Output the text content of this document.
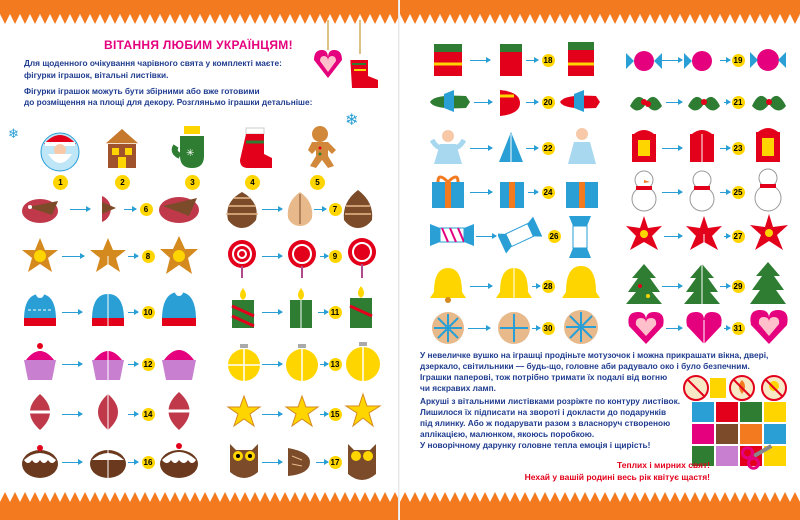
ВІТАННЯ ЛЮБИМ УКРАЇНЦЯМ!
Для щоденного очікування чарівного свята у комплекті маєте:
фігурки іграшок, вітальні листівки.
Фігурки іграшок можуть бути збірними або вже готовими
до розміщення на площі для декору. Розгляньмо іграшки детальніше:
❄
❄
✳
1	2	3	4	5
6	7
8	9
10	11
12	13
14	15
16	17
18
20
22
24
26
28
30
19
21
23
25
27
29
31
У невеличке вушко на іграшці продіньте мотузочок і можна прикрашати вікна, двері,
дзеркало, світильники — будь-що, головне аби радувало око і було безпечним.
Іграшки паперові, тож потрібно тримати їх подалі від вогню
чи яскравих ламп.
Аркуші з вітальними листівками розріжте по контуру листівок.
Лишилося їх підписати на звороті і докласти до подарунків
під ялинку. Або ж подарувати разом з власноруч створеною
аплікацією, малюнком, якоюсь поробкою.
У новорічному дарунку головне тепла емоція і щирість!
Теплих і мирних свят!
Нехай у вашій родині весь рік квітує щастя!
